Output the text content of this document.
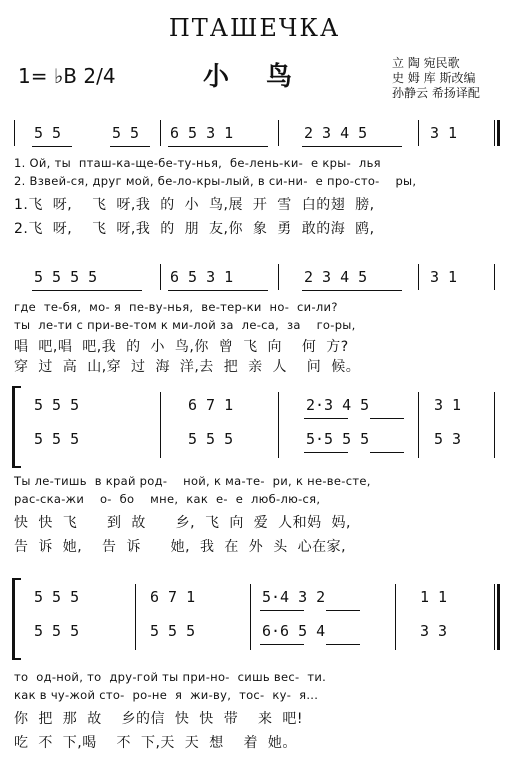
ПТАШЕЧКА
小 鸟
1= ♭B 2/4
立 陶 宛民歌
史 姆 库 斯改编
孙静云 希扬译配
5 5	5 5 6 5 3 1	2 3 4 5	3 1
1. Ой, ты  пташ-ка-ще-бе-ту-нья,  бе-лень-ки-  е кры-  лья
2. Взвей-ся, друг мой, бе-ло-кры-лый, в си-ни-  е про-сто-    ры,
1.飞  呀,    飞  呀,我  的  小  鸟,展  开  雪  白的翅  膀,
2.飞  呀,    飞  呀,我  的  朋  友,你  象  勇  敢的海  鸥,
5 5 5 5	6 5 3 1	2 3 4 5	3 1
где  те-бя,  мо- я  пе-ву-нья,  ве-тер-ки  но-  си-ли?
ты  ле-ти с при-ве-том к ми-лой за  ле-са,  за    го-ры,
唱  吧,唱  吧,我  的  小  鸟,你  曾  飞  向    何  方?
穿  过  高  山,穿  过  海  洋,去  把  亲  人    问  候。
5 5 5	6 7 1	2·3 4 5	3 1
5 5 5	5 5 5	5·5 5 5	5 3
Ты ле-тишь  в край род-    ной, к ма-те-  ри, к не-ве-сте,
рас-ска-жи    о-  бо    мне,  как  е-  е  люб-лю-ся,
快  快  飞      到  故      乡,  飞  向  爱  人和妈  妈,
告  诉  她,    告  诉      她,  我  在  外  头  心在家,
5 5 5	6 7 1	5·4 3 2	1 1
5 5 5	5 5 5	6·6 5 4	3 3
то  од-ной, то  дру-гой ты при-но-  сишь вес-  ти.
как в чу-жой сто-  ро-не  я  жи-ву,  тос-  ку-  я...
你  把  那  故    乡的信  快  快  带    来  吧!
吃  不  下,喝    不  下,天  天  想    着  她。
